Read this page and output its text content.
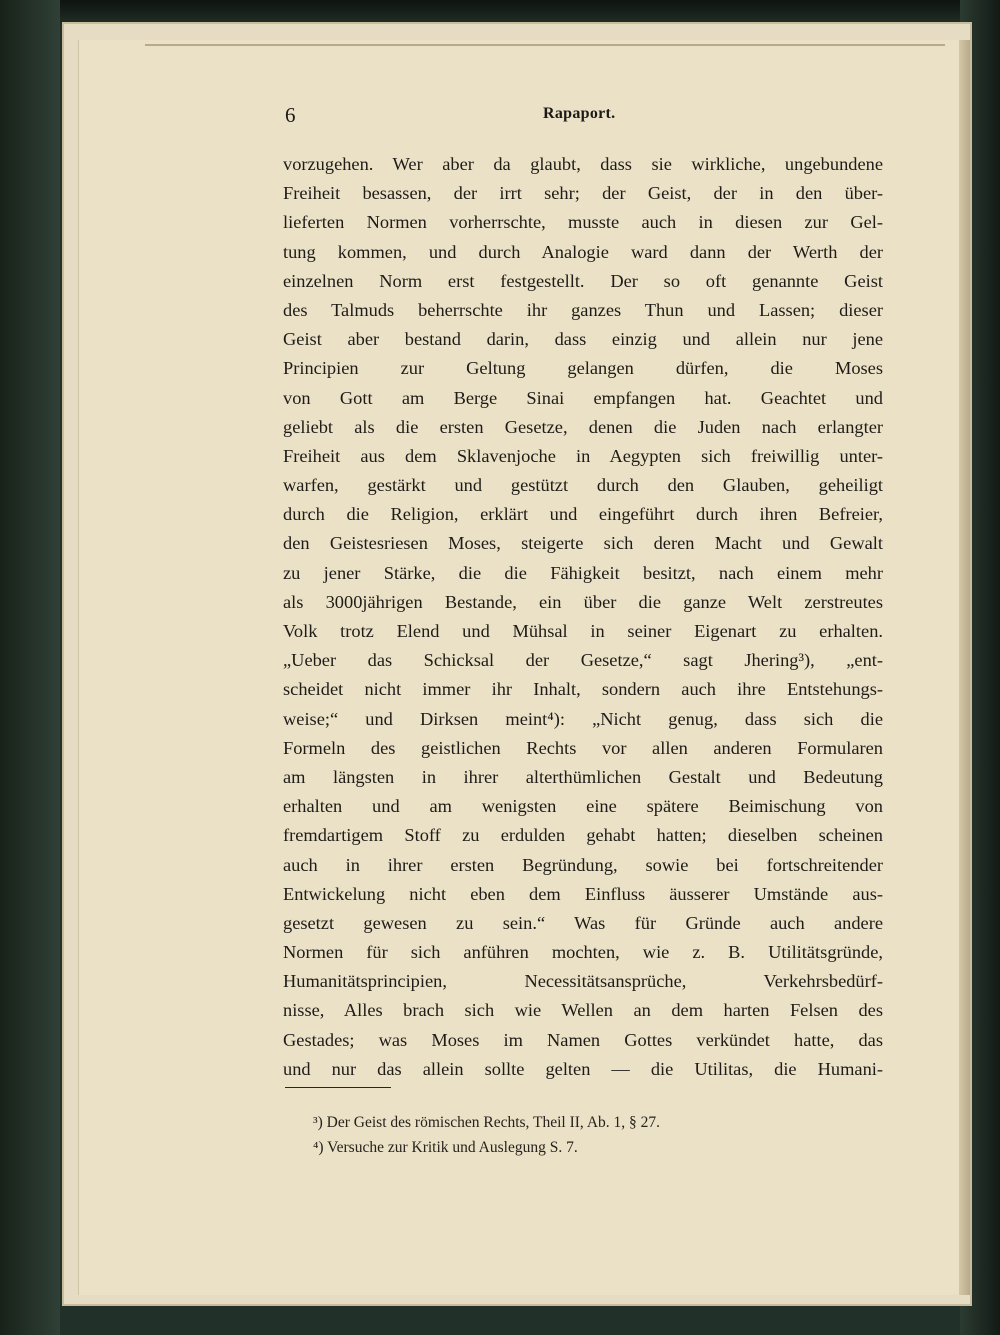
6	Rapaport.
vorzugehen. Wer aber da glaubt, dass sie wirkliche, ungebundene
Freiheit besassen, der irrt sehr; der Geist, der in den über-
lieferten Normen vorherrschte, musste auch in diesen zur Gel-
tung kommen, und durch Analogie ward dann der Werth der
einzelnen Norm erst festgestellt. Der so oft genannte Geist
des Talmuds beherrschte ihr ganzes Thun und Lassen; dieser
Geist aber bestand darin, dass einzig und allein nur jene
Principien zur Geltung gelangen dürfen, die Moses
von Gott am Berge Sinai empfangen hat. Geachtet und
geliebt als die ersten Gesetze, denen die Juden nach erlangter
Freiheit aus dem Sklavenjoche in Aegypten sich freiwillig unter-
warfen, gestärkt und gestützt durch den Glauben, geheiligt
durch die Religion, erklärt und eingeführt durch ihren Befreier,
den Geistesriesen Moses, steigerte sich deren Macht und Gewalt
zu jener Stärke, die die Fähigkeit besitzt, nach einem mehr
als 3000jährigen Bestande, ein über die ganze Welt zerstreutes
Volk trotz Elend und Mühsal in seiner Eigenart zu erhalten.
„Ueber das Schicksal der Gesetze,“ sagt Jhering³), „ent-
scheidet nicht immer ihr Inhalt, sondern auch ihre Entstehungs-
weise;“ und Dirksen meint⁴): „Nicht genug, dass sich die
Formeln des geistlichen Rechts vor allen anderen Formularen
am längsten in ihrer alterthümlichen Gestalt und Bedeutung
erhalten und am wenigsten eine spätere Beimischung von
fremdartigem Stoff zu erdulden gehabt hatten; dieselben scheinen
auch in ihrer ersten Begründung, sowie bei fortschreitender
Entwickelung nicht eben dem Einfluss äusserer Umstände aus-
gesetzt gewesen zu sein.“ Was für Gründe auch andere
Normen für sich anführen mochten, wie z. B. Utilitätsgründe,
Humanitätsprincipien, Necessitätsansprüche, Verkehrsbedürf-
nisse, Alles brach sich wie Wellen an dem harten Felsen des
Gestades; was Moses im Namen Gottes verkündet hatte, das
und nur das allein sollte gelten — die Utilitas, die Humani-
³) Der Geist des römischen Rechts, Theil II, Ab. 1, § 27.
⁴) Versuche zur Kritik und Auslegung S. 7.
